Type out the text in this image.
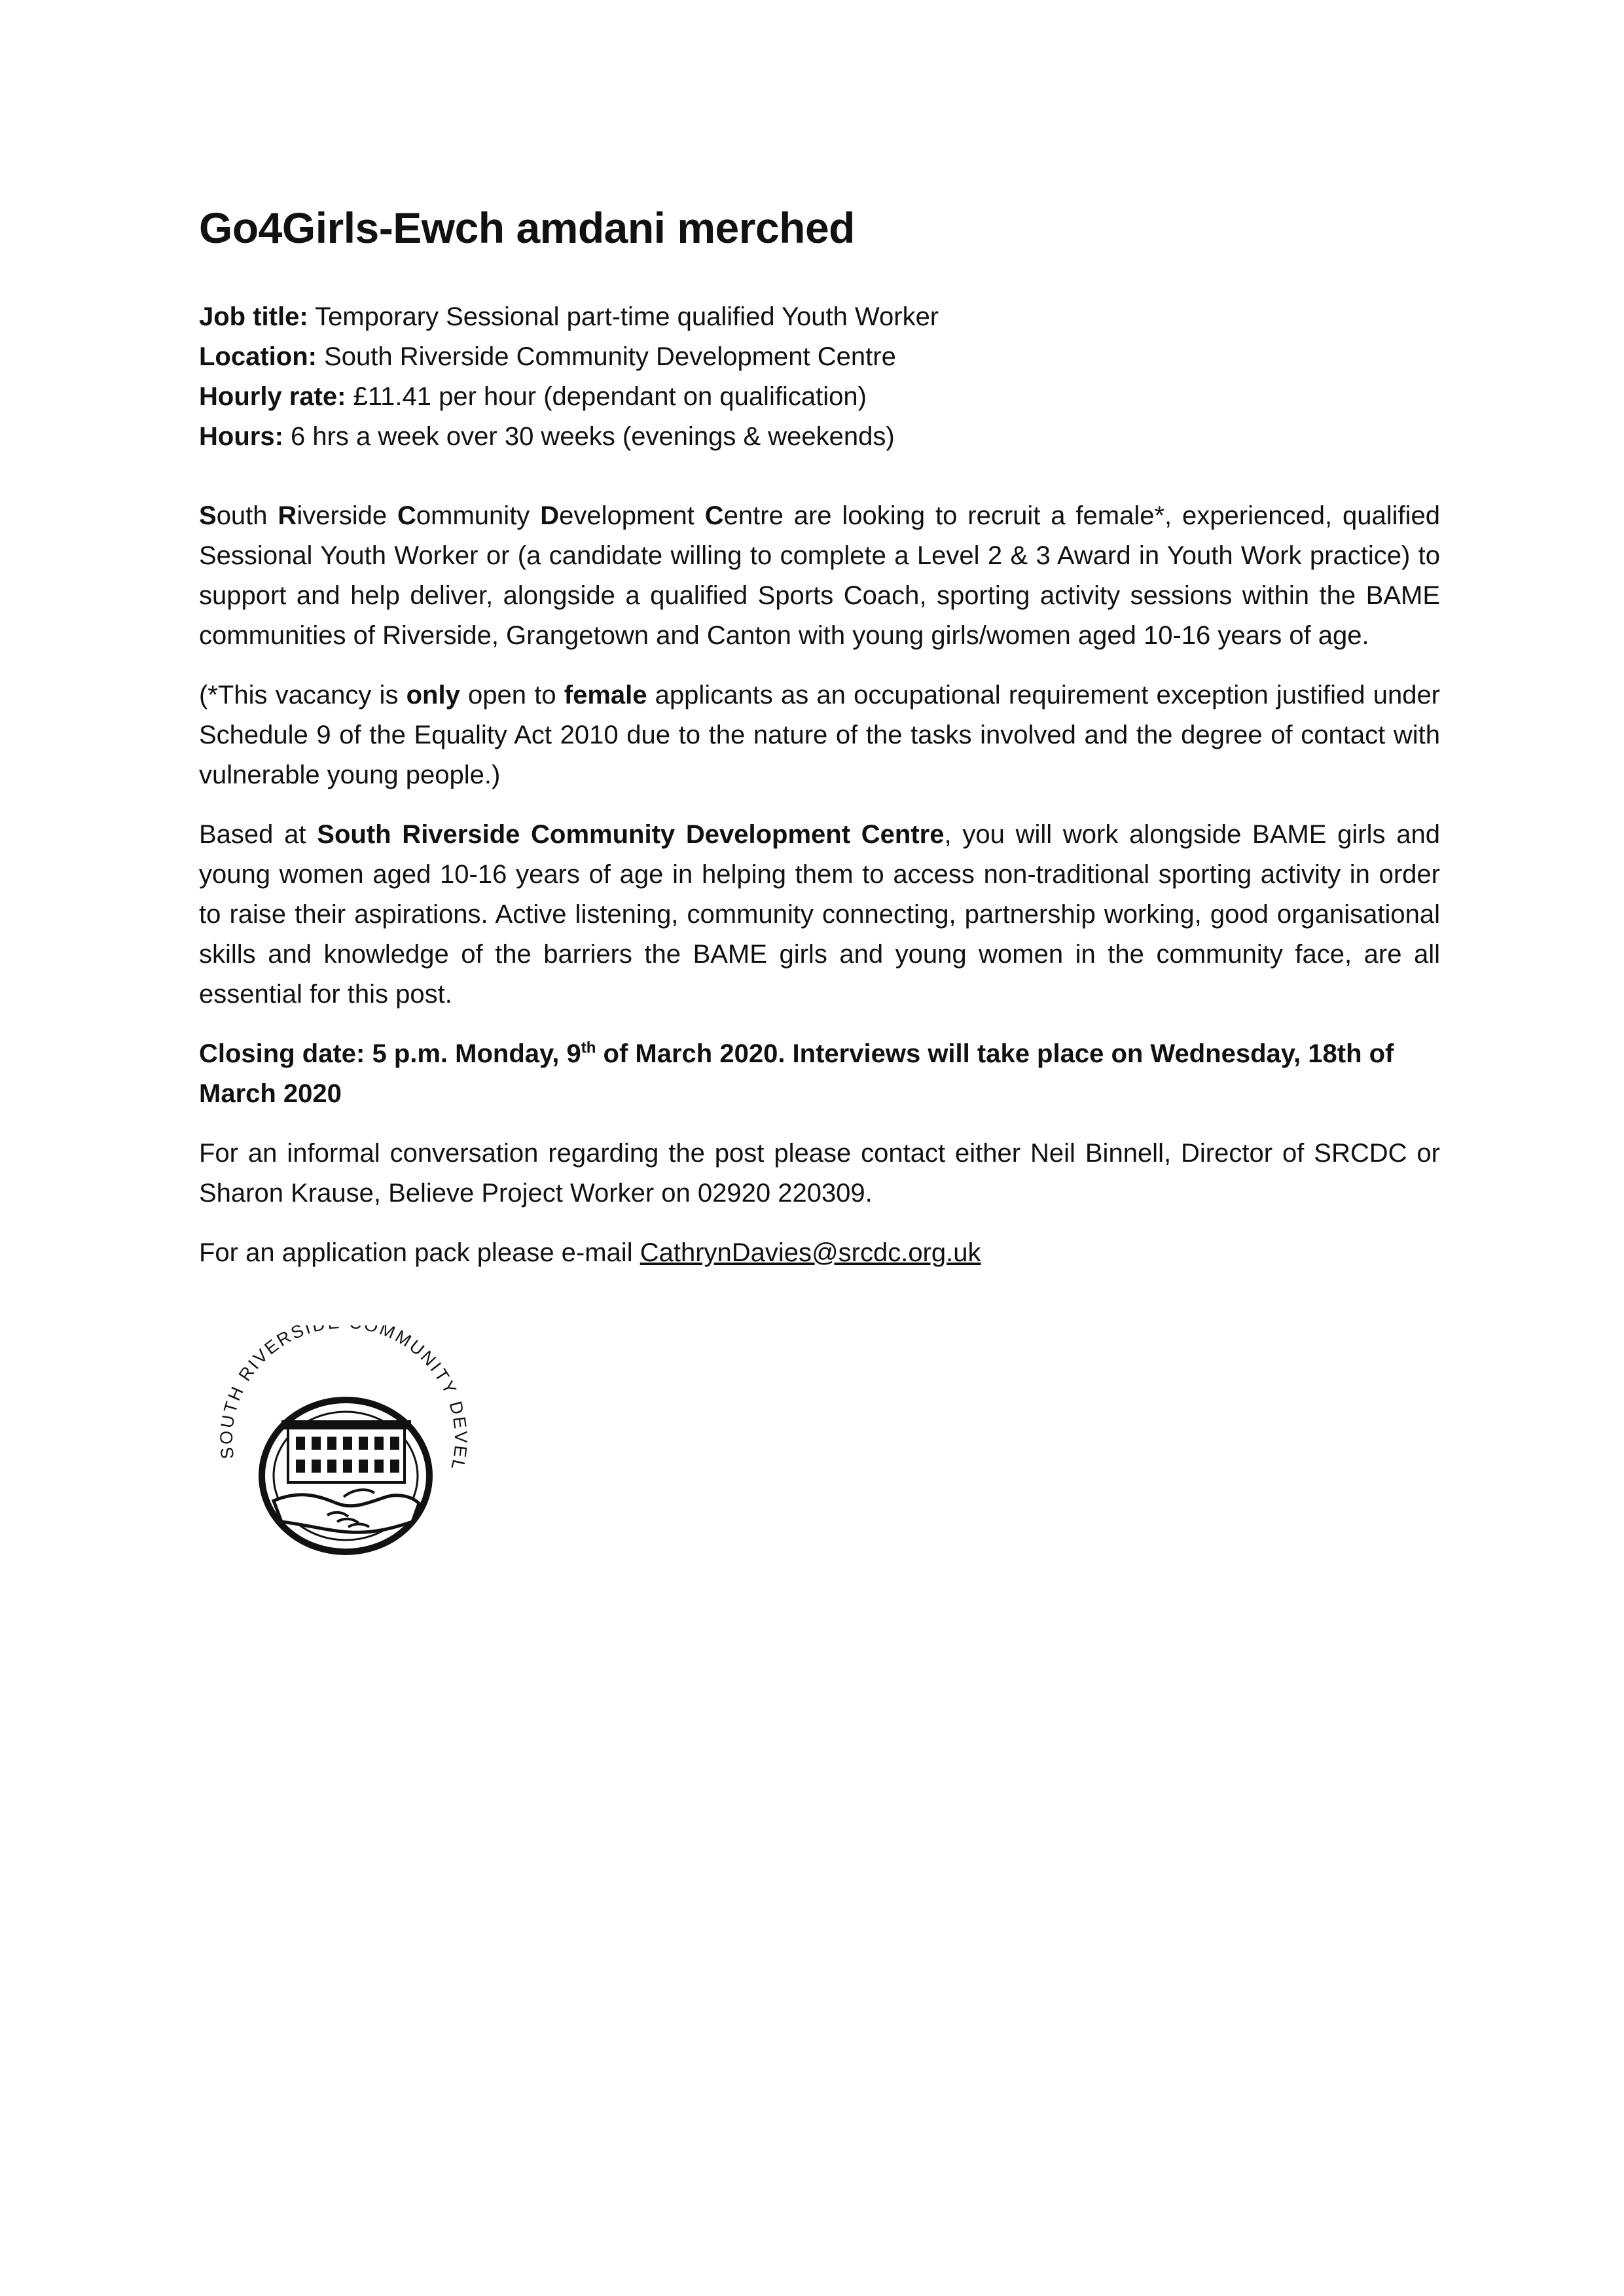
Go4Girls-Ewch amdani merched
Job title: Temporary Sessional part-time qualified Youth Worker
Location: South Riverside Community Development Centre
Hourly rate: £11.41 per hour (dependant on qualification)
Hours: 6 hrs a week over 30 weeks (evenings & weekends)

South Riverside Community Development Centre are looking to recruit a female*, experienced, qualified Sessional Youth Worker or (a candidate willing to complete a Level 2 & 3 Award in Youth Work practice) to support and help deliver, alongside a qualified Sports Coach, sporting activity sessions within the BAME communities of Riverside, Grangetown and Canton with young girls/women aged 10-16 years of age.

(*This vacancy is only open to female applicants as an occupational requirement exception justified under Schedule 9 of the Equality Act 2010 due to the nature of the tasks involved and the degree of contact with vulnerable young people.)

Based at South Riverside Community Development Centre, you will work alongside BAME girls and young women aged 10-16 years of age in helping them to access non-traditional sporting activity in order to raise their aspirations. Active listening, community connecting, partnership working, good organisational skills and knowledge of the barriers the BAME girls and young women in the community face, are all essential for this post.

Closing date: 5 p.m. Monday, 9th of March 2020. Interviews will take place on Wednesday, 18th of March 2020

For an informal conversation regarding the post please contact either Neil Binnell, Director of SRCDC or Sharon Krause, Believe Project Worker on 02920 220309.

For an application pack please e-mail CathrynDavies@srcdc.org.uk

SOUTH RIVERSI OMMUNITY DEVEL
